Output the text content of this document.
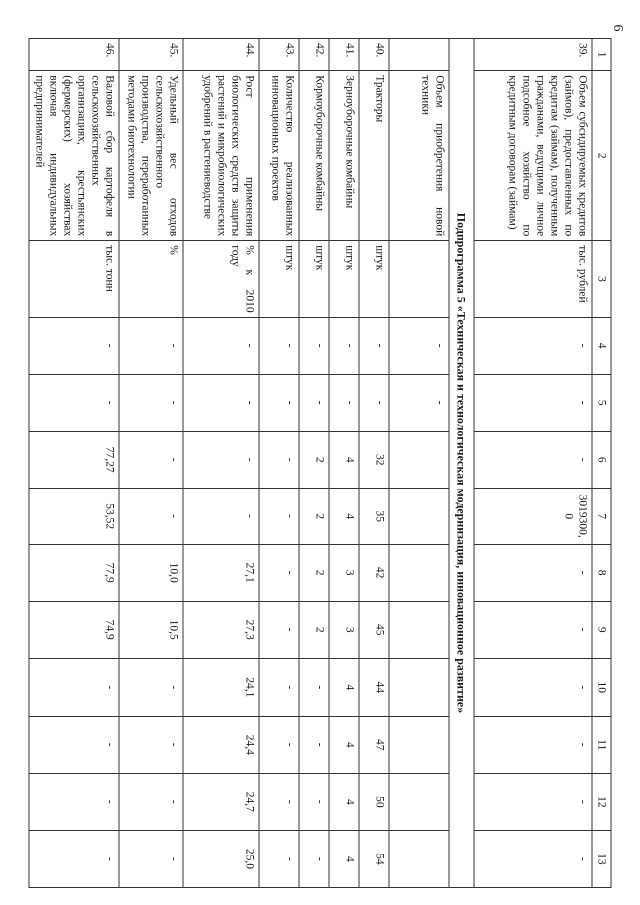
6
1	2	3	4	5	6	7	8	9	10	11	12	13
39.	Объем субсидируемых кредитов (займов), предоставленных по кредитам (займам), полученным гражданами, ведущими личное подсобное хозяйство по кредитным договорам (займам)	тыс. рублей	-	-	-	3019300,0	-	-	-	-	-	-
Подпрограмма 5 «Техническая и технологическая модернизация, инновационное развитие»												
	Объем приобретения новой техники		-	-								
40.	Тракторы	штук	-	-	32	35	42	45	44	47	50	54
41.	Зерноуборочные комбайны	штук	-	-	4	4	3	3	4	4	4	4
42.	Кормоуборочные комбайны	штук	-	-	2	2	2	2	-	-	-	-
43.	Количество реализованных инновационных проектов	штук	-	-	-	-	-	-	-	-	-	-
44.	Рост применения биологических средств защиты растений и микробиологических удобрений в растениеводстве	% к 2010 году	-	-	-	-	27,1	27,3	24,1	24,4	24,7	25,0
45.	Удельный вес отходов сельскохозяйственного производства, переработанных методами биотехнологии	%	-	-	-	-	10,0	10,5	-	-	-	-
46.	Валовой сбор картофеля в сельскохозяйственных организациях, крестьянских (фермерских) хозяйствах включая индивидуальных предпринимателей	тыс. тонн	-	-	77,27	53,52	77,9	74,9	-	-	-	-
